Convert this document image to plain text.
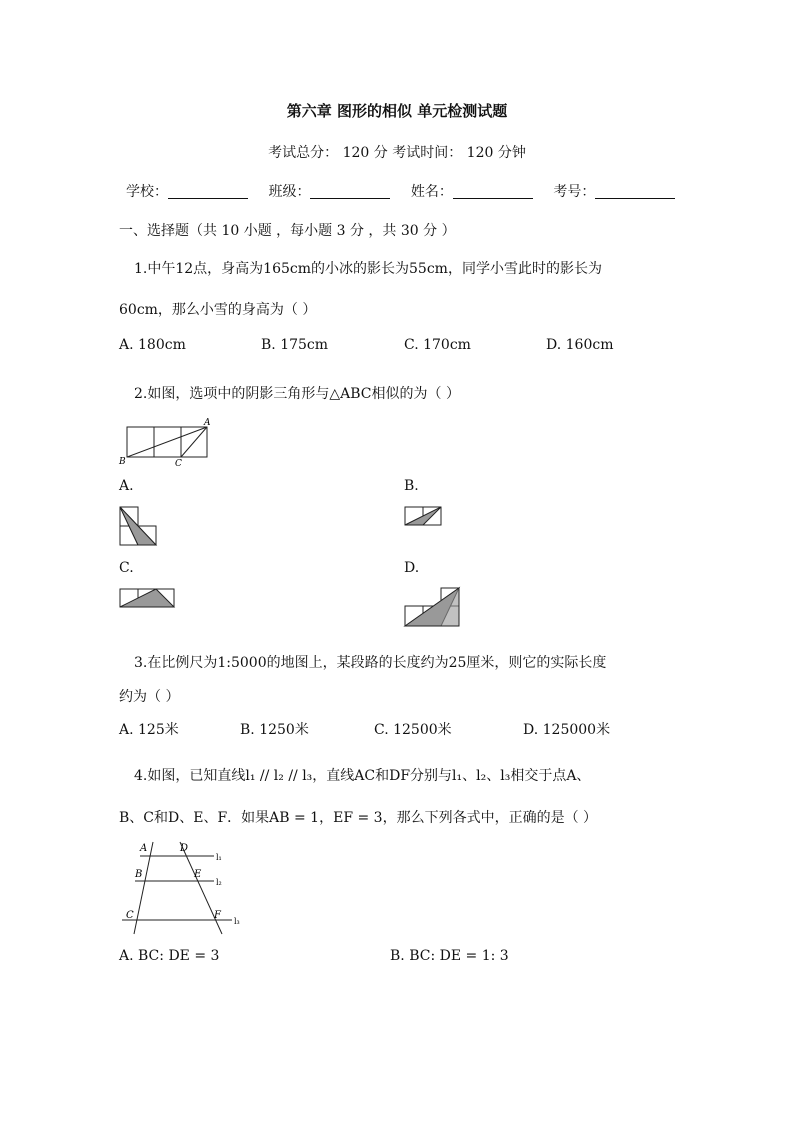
第六章 图形的相似 单元检测试题
考试总分： 120 分 考试时间： 120 分钟
学校：	班级：	姓名：	考号：
一、选择题（共 10 小题 ，每小题 3 分 ，共 30 分 ）
1.中午12点，身高为165cm的小冰的影长为55cm，同学小雪此时的影长为
60cm，那么小雪的身高为（ ）
A. 180cm	B. 175cm	C. 170cm	D. 160cm
2.如图，选项中的阴影三角形与△ABC相似的为（ ）
A
B	C
A.	B.
C.	D.
3.在比例尺为1:5000的地图上，某段路的长度约为25厘米，则它的实际长度
约为（ ）
A. 125米	B. 1250米	C. 12500米	D. 125000米
4.如图，已知直线l₁ // l₂ // l₃，直线AC和DF分别与l₁、l₂、l₃相交于点A、
B、C和D、E、F．如果AB = 1，EF = 3，那么下列各式中，正确的是（ ）
A	D
B	E
C	F
l₁
l₂
l₃
A. BC: DE = 3	B. BC: DE = 1: 3
